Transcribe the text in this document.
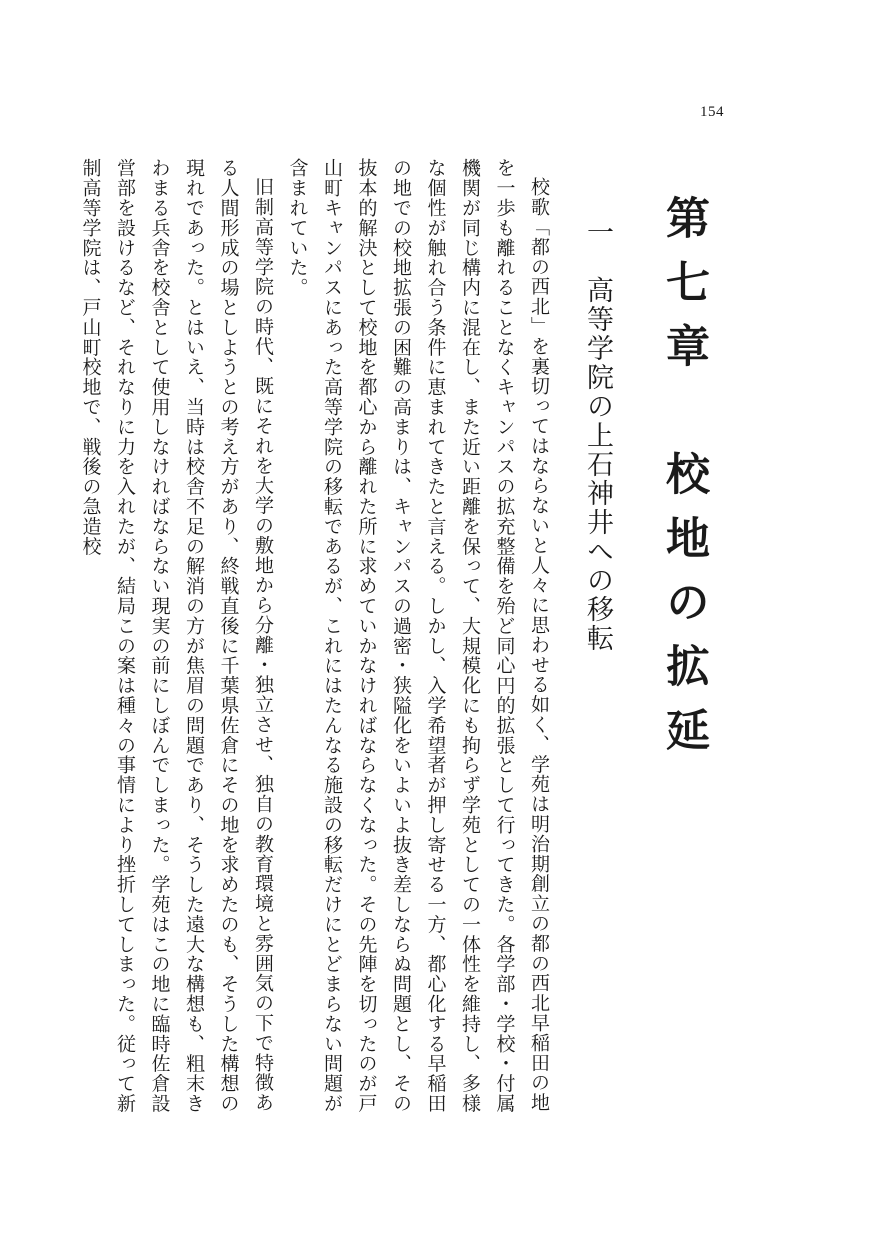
154
第七章　校地の拡延
一　高等学院の上石神井への移転

校歌「都の西北」を裏切ってはならないと人々に思わせる如く、学苑は明治期創立の都の西北早稲田の地を一歩も離れることなくキャンパスの拡充整備を殆ど同心円的拡張として行ってきた。各学部・学校・付属機関が同じ構内に混在し、また近い距離を保って、大規模化にも拘らず学苑としての一体性を維持し、多様な個性が触れ合う条件に恵まれてきたと言える。しかし、入学希望者が押し寄せる一方、都心化する早稲田の地での校地拡張の困難の高まりは、キャンパスの過密・狭隘化をいよいよ抜き差しならぬ問題とし、その抜本的解決として校地を都心から離れた所に求めていかなければならなくなった。その先陣を切ったのが戸山町キャンパスにあった高等学院の移転であるが、これにはたんなる施設の移転だけにとどまらない問題が含まれていた。

旧制高等学院の時代、既にそれを大学の敷地から分離・独立させ、独自の教育環境と雰囲気の下で特徴ある人間形成の場としようとの考え方があり、終戦直後に千葉県佐倉にその地を求めたのも、そうした構想の現れであった。とはいえ、当時は校舎不足の解消の方が焦眉の問題であり、そうした遠大な構想も、粗末きわまる兵舎を校舎として使用しなければならない現実の前にしぼんでしまった。学苑はこの地に臨時佐倉設営部を設けるなど、それなりに力を入れたが、結局この案は種々の事情により挫折してしまった。従って新制高等学院は、戸山町校地で、戦後の急造校
